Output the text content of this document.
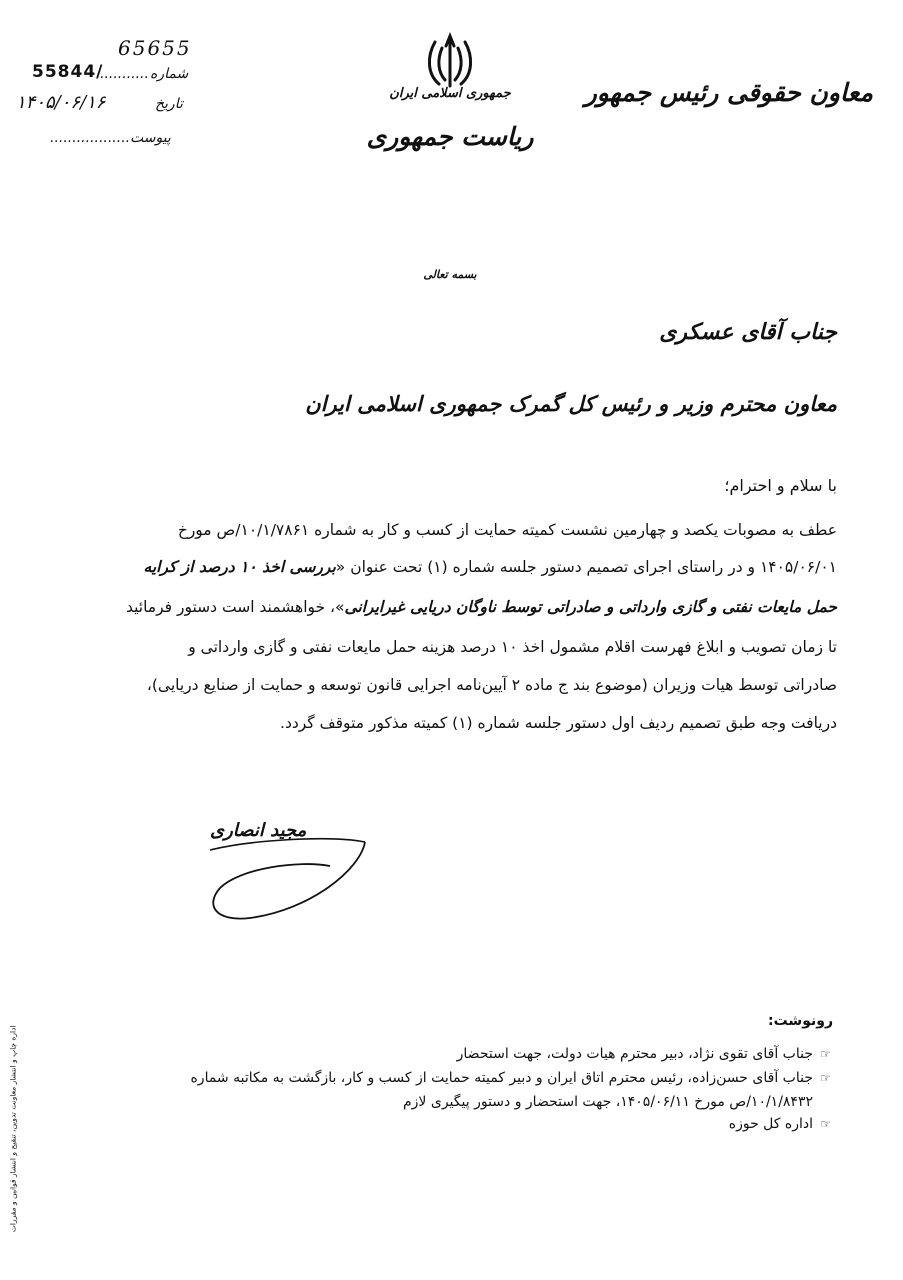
معاون حقوقی رئیس جمهور
جمهوری اسلامی ایران
ریاست جمهوری
65655
شماره
...........
55844/
تاریخ
۱۴۰۵/۰۶/۱۶
پیوست
..................
بسمه تعالی
جناب آقای عسکری
معاون محترم وزیر و رئیس کل گمرک جمهوری اسلامی ایران
با سلام و احترام؛
عطف به مصوبات یکصد و چهارمین نشست کمیته حمایت از کسب و کار به شماره ۱۰/۱/۷۸۶۱/ص مورخ
۱۴۰۵/۰۶/۰۱ و در راستای اجرای تصمیم دستور جلسه شماره (۱) تحت عنوان «بررسی اخذ ۱۰ درصد از کرایه
حمل مایعات نفتی و گازی وارداتی و صادراتی توسط ناوگان دریایی غیرایرانی»، خواهشمند است دستور فرمائید
تا زمان تصویب و ابلاغ فهرست اقلام مشمول اخذ ۱۰ درصد هزینه حمل مایعات نفتی و گازی وارداتی و
صادراتی توسط هیات وزیران (موضوع بند ج ماده ۲ آیین‌نامه اجرایی قانون توسعه و حمایت از صنایع دریایی)،
دریافت وجه طبق تصمیم ردیف اول دستور جلسه شماره (۱) کمیته مذکور متوقف گردد.
مجید انصاری
رونوشت:
☞جناب آقای تقوی نژاد، دبیر محترم هیات دولت، جهت استحضار
☞جناب آقای حسن‌زاده، رئیس محترم اتاق ایران و دبیر کمیته حمایت از کسب و کار، بازگشت به مکاتبه شماره
۱۰/۱/۸۴۳۲/ص مورخ ۱۴۰۵/۰۶/۱۱، جهت استحضار و دستور پیگیری لازم
☞اداره کل حوزه
اداره چاپ و انتشار معاونت تدوین، تنقیح و انتشار قوانین و مقررات
